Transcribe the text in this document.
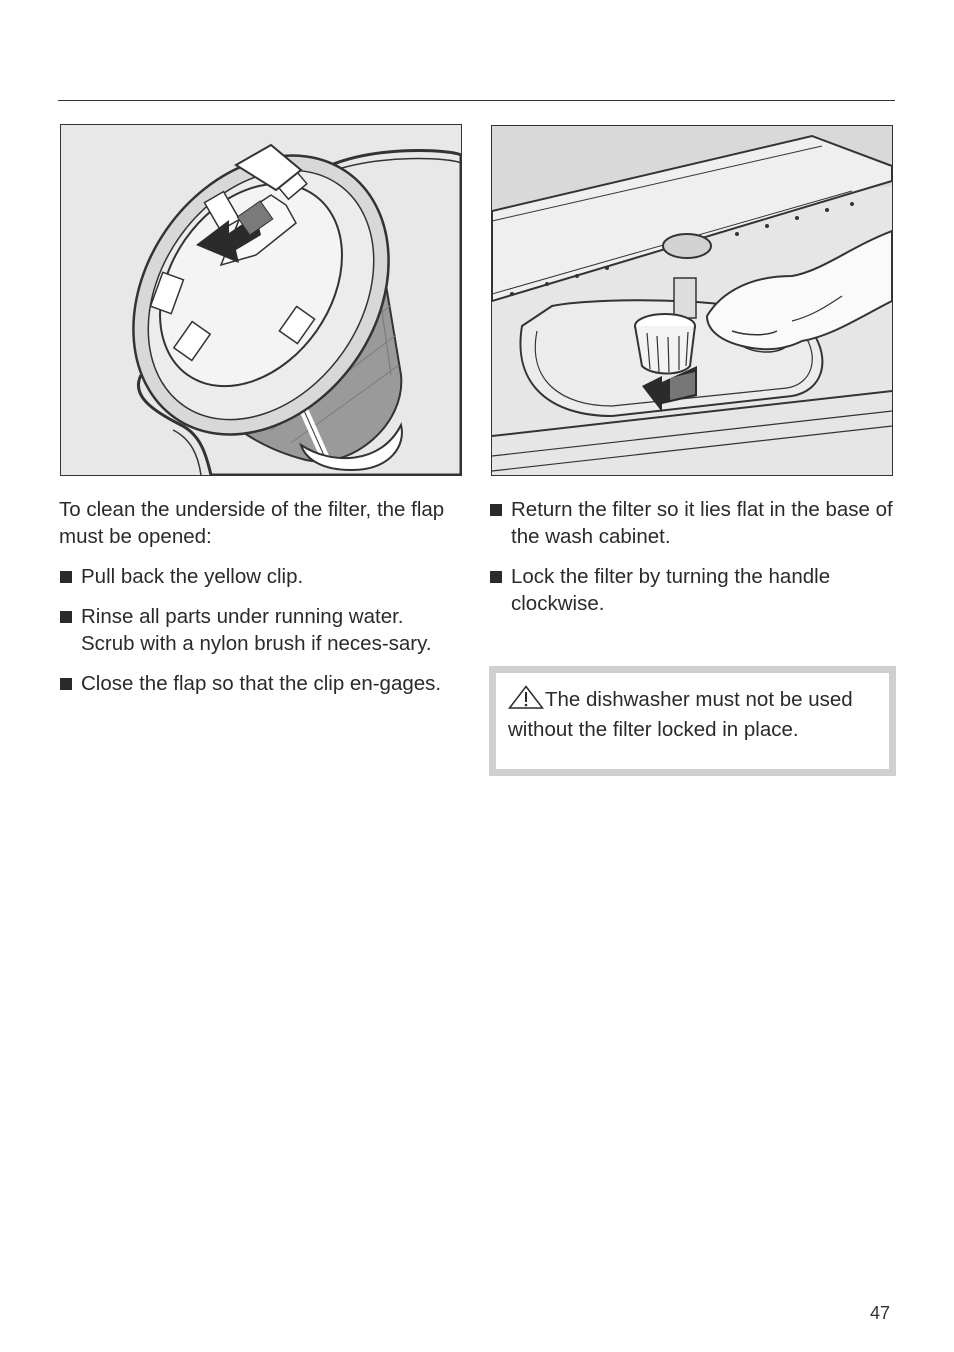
To clean the underside of the filter, the flap must be opened:

Pull back the yellow clip.
Rinse all parts under running water. Scrub with a nylon brush if neces-sary.
Close the flap so that the clip en-gages.
Return the filter so it lies flat in the base of the wash cabinet.
Lock the filter by turning the handle clockwise.
The dishwasher must not be used without the filter locked in place.
47
